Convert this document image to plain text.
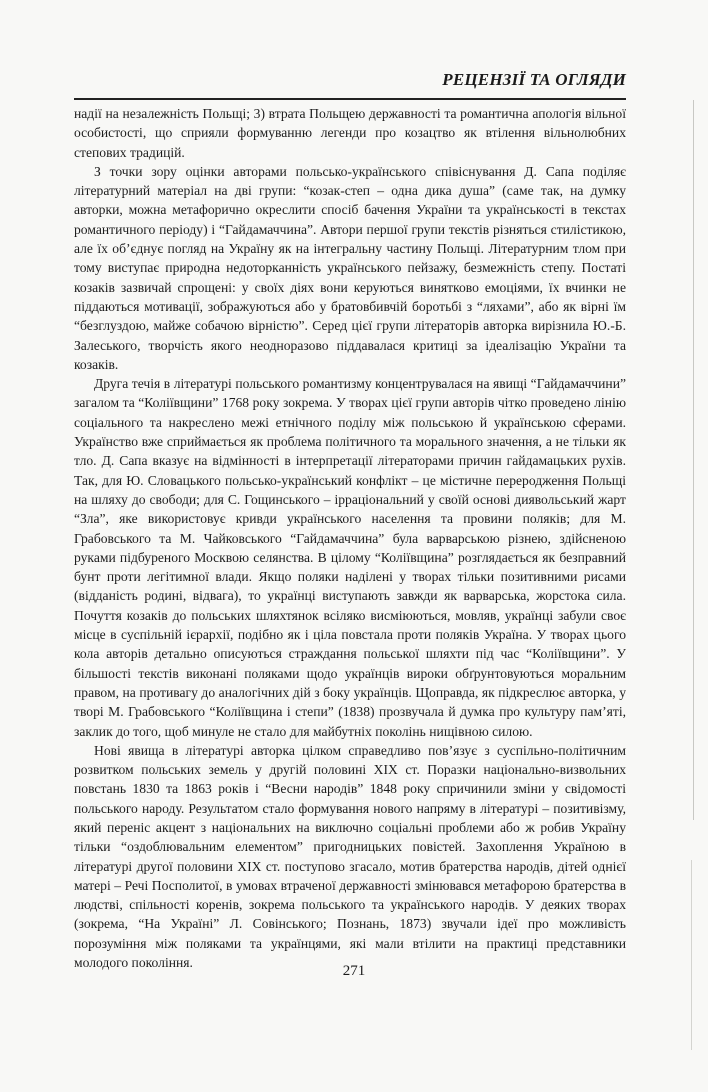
РЕЦЕНЗІЇ ТА ОГЛЯДИ

надії на незалежність Польщі; 3) втрата Польщею державності та романтична апологія вільної особистості, що сприяли формуванню легенди про козацтво як втілення вільнолюбних степових традицій.

З точки зору оцінки авторами польсько-українського співіснування Д. Сапа поділяє літературний матеріал на дві групи: “козак-степ – одна дика душа” (саме так, на думку авторки, можна метафорично окреслити спосіб бачення України та українськості в текстах романтичного періоду) і “Гайдамаччина”. Автори першої групи текстів різняться стилістикою, але їх об’єднує погляд на Україну як на інтегральну частину Польщі. Літературним тлом при тому виступає природна недоторканність українського пейзажу, безмежність степу. Постаті козаків зазвичай спрощені: у своїх діях вони керуються винятково емоціями, їх вчинки не піддаються мотивації, зображуються або у братовбивчій боротьбі з “ляхами”, або як вірні їм “безглуздою, майже собачою вірністю”. Серед цієї групи літераторів авторка вирізнила Ю.-Б. Залеського, творчість якого неодноразово піддавалася критиці за ідеалізацію України та козаків.

Друга течія в літературі польського романтизму концентрувалася на явищі “Гайдамаччини” загалом та “Коліївщини” 1768 року зокрема. У творах цієї групи авторів чітко проведено лінію соціального та накреслено межі етнічного поділу між польською й українською сферами. Українство вже сприймається як проблема політичного та морального значення, а не тільки як тло. Д. Сапа вказує на відмінності в інтерпретації літераторами причин гайдамацьких рухів. Так, для Ю. Словацького польсько-український конфлікт – це містичне переродження Польщі на шляху до свободи; для С. Гощинського – ірраціональний у своїй основі диявольський жарт “Зла”, яке використовує кривди українського населення та провини поляків; для М. Грабовського та М. Чайковського “Гайдамаччина” була варварською різнею, здійсненою руками підбуреного Москвою селянства. В цілому “Коліївщина” розглядається як безправний бунт проти легітимної влади. Якщо поляки наділені у творах тільки позитивними рисами (відданість родині, відвага), то українці виступають завжди як варварська, жорстока сила. Почуття козаків до польських шляхтянок всіляко висміюються, мовляв, українці забули своє місце в суспільній ієрархії, подібно як і ціла повстала проти поляків Україна. У творах цього кола авторів детально описуються страждання польської шляхти під час “Коліївщини”. У більшості текстів виконані поляками щодо українців вироки обґрунтовуються моральним правом, на противагу до аналогічних дій з боку українців. Щоправда, як підкреслює авторка, у творі М. Грабовського “Коліївщина і степи” (1838) прозвучала й думка про культуру пам’яті, заклик до того, щоб минуле не стало для майбутніх поколінь нищівною силою.

Нові явища в літературі авторка цілком справедливо пов’язує з суспільно-політичним розвитком польських земель у другій половині XIX ст. Поразки національно-визвольних повстань 1830 та 1863 років і “Весни народів” 1848 року спричинили зміни у свідомості польського народу. Результатом стало формування нового напряму в літературі – позитивізму, який переніс акцент з національних на виключно соціальні проблеми або ж робив Україну тільки “оздоблювальним елементом” пригодницьких повістей. Захоплення Україною в літературі другої половини XIX ст. поступово згасало, мотив братерства народів, дітей однієї матері – Речі Посполитої, в умовах втраченої державності змінювався метафорою братерства в людстві, спільності коренів, зокрема польського та українського народів. У деяких творах (зокрема, “На Україні” Л. Совінського; Познань, 1873) звучали ідеї про можливість порозуміння між поляками та українцями, які мали втілити на практиці представники молодого покоління.

271
